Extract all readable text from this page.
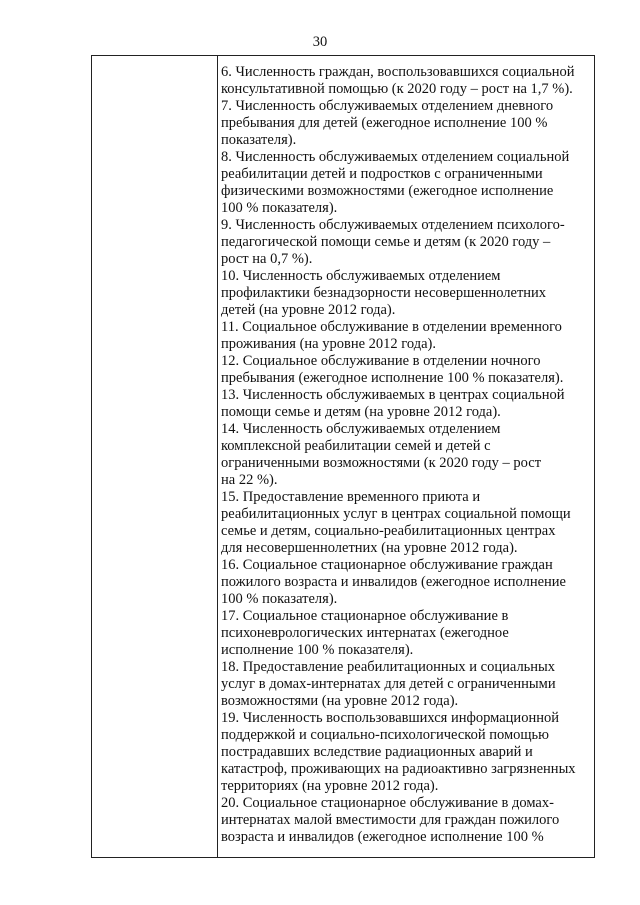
30
6. Численность граждан, воспользовавшихся социальной
консультативной помощью (к 2020 году – рост на 1,7 %).
7. Численность обслуживаемых отделением дневного
пребывания для детей (ежегодное исполнение 100 %
показателя).
8. Численность обслуживаемых отделением социальной
реабилитации детей и подростков с ограниченными
физическими возможностями (ежегодное исполнение
100 % показателя).
9. Численность обслуживаемых отделением психолого-
педагогической помощи семье и детям (к 2020 году –
рост на 0,7 %).
10. Численность обслуживаемых отделением
профилактики безнадзорности несовершеннолетних
детей (на уровне 2012 года).
11. Социальное обслуживание в отделении временного
проживания (на уровне 2012 года).
12. Социальное обслуживание в отделении ночного
пребывания (ежегодное исполнение 100 % показателя).
13. Численность обслуживаемых в центрах социальной
помощи семье и детям (на уровне 2012 года).
14. Численность обслуживаемых отделением
комплексной реабилитации семей и детей с
ограниченными возможностями (к 2020 году – рост
на 22 %).
15. Предоставление временного приюта и
реабилитационных услуг в центрах социальной помощи
семье и детям, социально-реабилитационных центрах
для несовершеннолетних (на уровне 2012 года).
16. Социальное стационарное обслуживание граждан
пожилого возраста и инвалидов (ежегодное исполнение
100 % показателя).
17. Социальное стационарное обслуживание в
психоневрологических интернатах (ежегодное
исполнение 100 % показателя).
18. Предоставление реабилитационных и социальных
услуг в домах-интернатах для детей с ограниченными
возможностями (на уровне 2012 года).
19. Численность воспользовавшихся информационной
поддержкой и социально-психологической помощью
пострадавших вследствие радиационных аварий и
катастроф, проживающих на радиоактивно загрязненных
территориях (на уровне 2012 года).
20. Социальное стационарное обслуживание в домах-
интернатах малой вместимости для граждан пожилого
возраста и инвалидов (ежегодное исполнение 100 %
